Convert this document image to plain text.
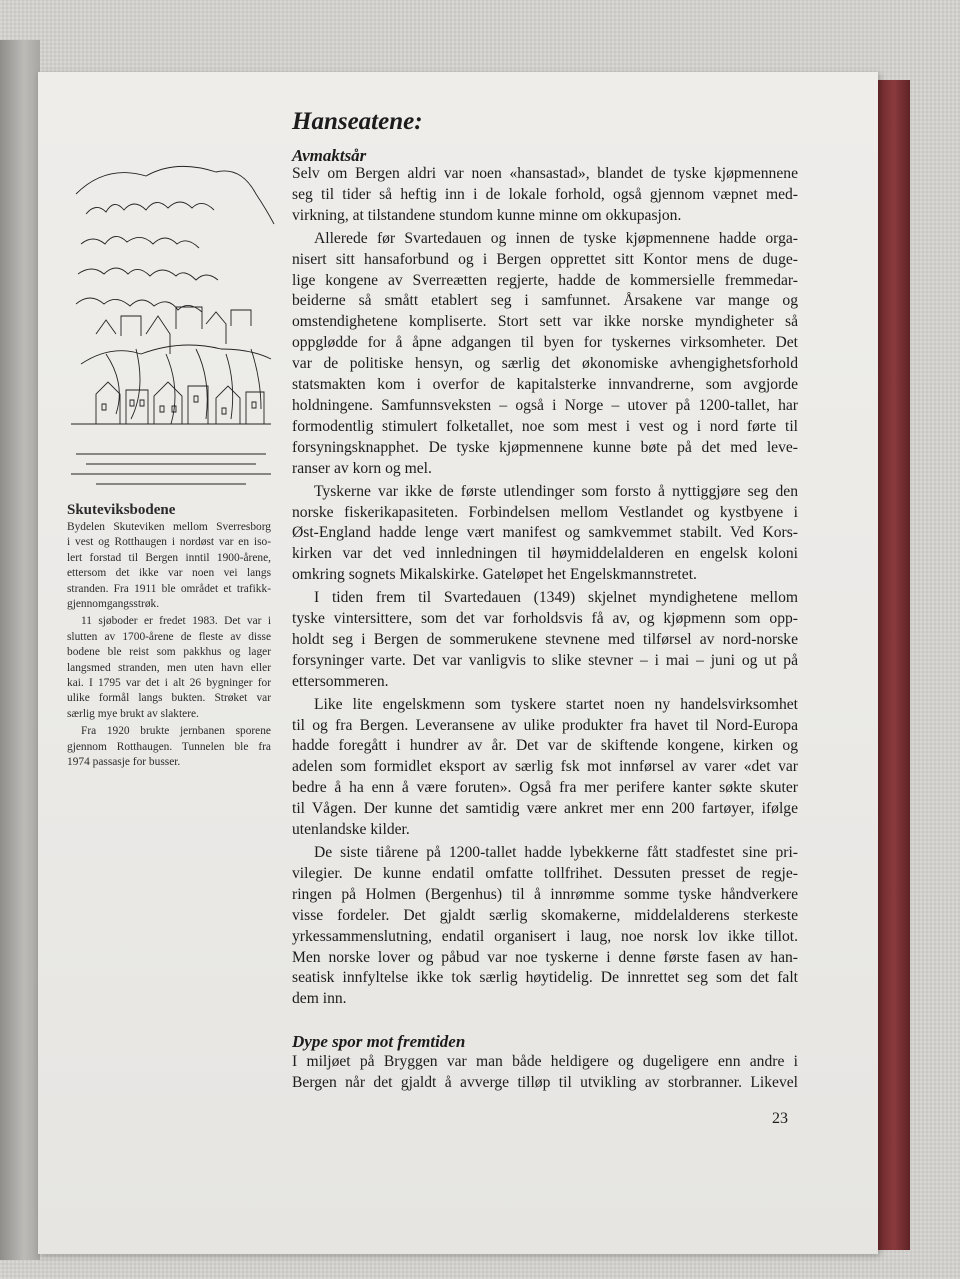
Skuteviksbodene
Bydelen Skuteviken mellom Sverresborg
i vest og Rotthaugen i nordøst var en iso-
lert forstad til Bergen inntil 1900-årene,
ettersom det ikke var noen vei langs
stranden. Fra 1911 ble området et trafikk-
gjennomgangsstrøk.
11 sjøboder er fredet 1983. Det var i
slutten av 1700-årene de fleste av disse
bodene ble reist som pakkhus og lager
langsmed stranden, men uten havn eller
kai. I 1795 var det i alt 26 bygninger for
ulike formål langs bukten. Strøket var
særlig mye brukt av slaktere.
Fra 1920 brukte jernbanen sporene
gjennom Rotthaugen. Tunnelen ble fra
1974 passasje for busser.
Hanseatene:
Avmaktsår
Selv om Bergen aldri var noen «hansastad», blandet de tyske kjøpmennene
seg til tider så heftig inn i de lokale forhold, også gjennom væpnet med-
virkning, at tilstandene stundom kunne minne om okkupasjon.
Allerede før Svartedauen og innen de tyske kjøpmennene hadde orga-
nisert sitt hansaforbund og i Bergen opprettet sitt Kontor mens de duge-
lige kongene av Sverreætten regjerte, hadde de kommersielle fremmedar-
beiderne så smått etablert seg i samfunnet. Årsakene var mange og
omstendighetene kompliserte. Stort sett var ikke norske myndigheter så
oppglødde for å åpne adgangen til byen for tyskernes virksomheter. Det
var de politiske hensyn, og særlig det økonomiske avhengighetsforhold
statsmakten kom i overfor de kapitalsterke innvandrerne, som avgjorde
holdningene. Samfunnsveksten – også i Norge – utover på 1200-tallet, har
formodentlig stimulert folketallet, noe som mest i vest og i nord førte til
forsyningsknapphet. De tyske kjøpmennene kunne bøte på det med leve-
ranser av korn og mel.
Tyskerne var ikke de første utlendinger som forsto å nyttiggjøre seg den
norske fiskerikapasiteten. Forbindelsen mellom Vestlandet og kystbyene i
Øst-England hadde lenge vært manifest og samkvemmet stabilt. Ved Kors-
kirken var det ved innledningen til høymiddelalderen en engelsk koloni
omkring sognets Mikalskirke. Gateløpet het Engelskmannstretet.
I tiden frem til Svartedauen (1349) skjelnet myndighetene mellom
tyske vintersittere, som det var forholdsvis få av, og kjøpmenn som opp-
holdt seg i Bergen de sommerukene stevnene med tilførsel av nord-norske
forsyninger varte. Det var vanligvis to slike stevner – i mai – juni og ut på
ettersommeren.
Like lite engelskmenn som tyskere startet noen ny handelsvirksomhet
til og fra Bergen. Leveransene av ulike produkter fra havet til Nord-Europa
hadde foregått i hundrer av år. Det var de skiftende kongene, kirken og
adelen som formidlet eksport av særlig fsk mot innførsel av varer «det var
bedre å ha enn å være foruten». Også fra mer perifere kanter søkte skuter
til Vågen. Der kunne det samtidig være ankret mer enn 200 fartøyer, ifølge
utenlandske kilder.
De siste tiårene på 1200-tallet hadde lybekkerne fått stadfestet sine pri-
vilegier. De kunne endatil omfatte tollfrihet. Dessuten presset de regje-
ringen på Holmen (Bergenhus) til å innrømme somme tyske håndverkere
visse fordeler. Det gjaldt særlig skomakerne, middelalderens sterkeste
yrkessammenslutning, endatil organisert i laug, noe norsk lov ikke tillot.
Men norske lover og påbud var noe tyskerne i denne første fasen av han-
seatisk innfyltelse ikke tok særlig høytidelig. De innrettet seg som det falt
dem inn.
Dype spor mot fremtiden
I miljøet på Bryggen var man både heldigere og dugeligere enn andre i
Bergen når det gjaldt å avverge tilløp til utvikling av storbranner. Likevel
23
